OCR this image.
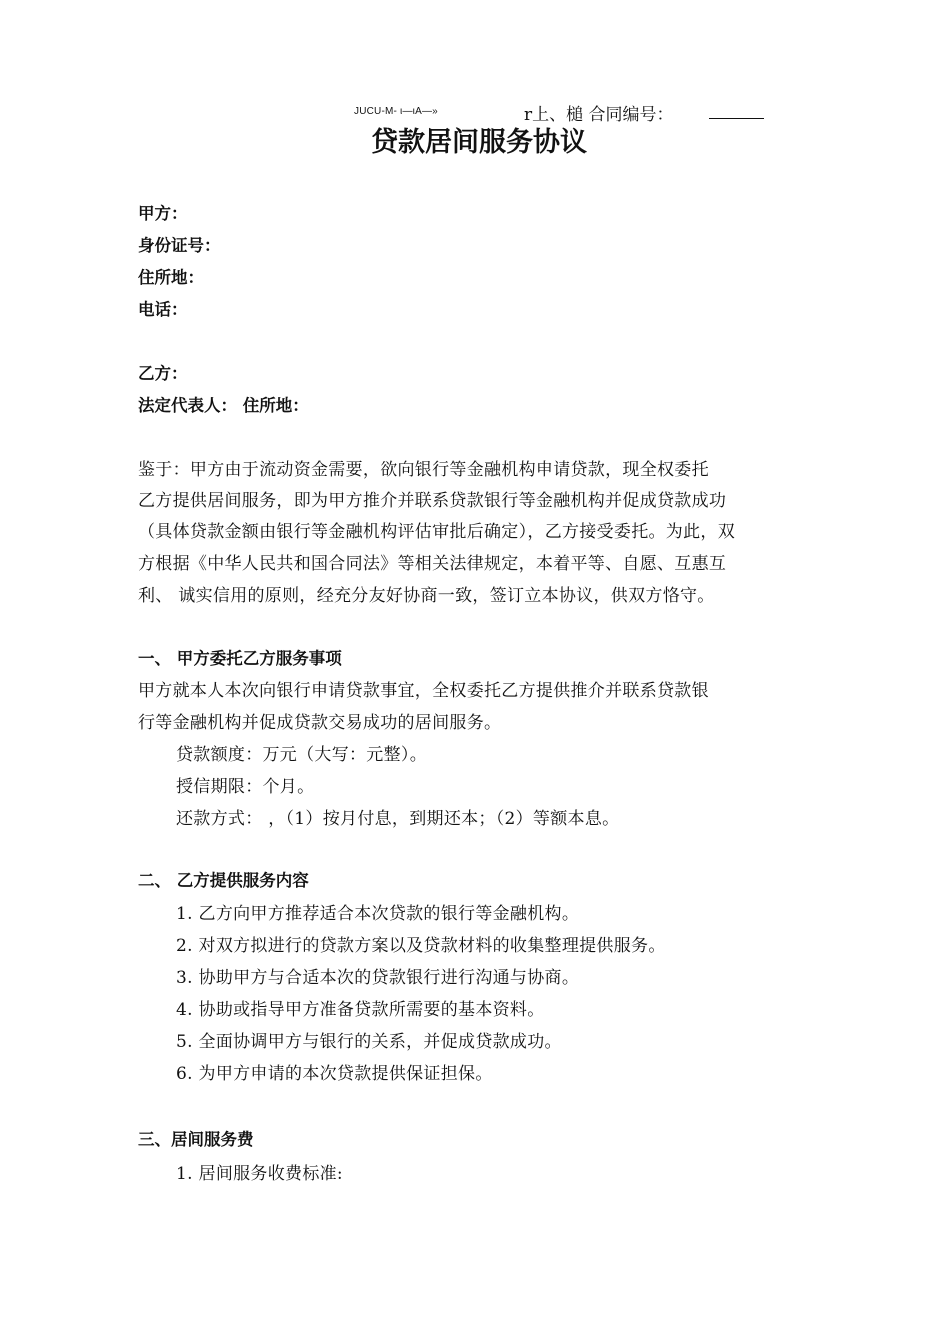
JUCU-M- ι—ιA—»	r上、槌 合同编号：
贷款居间服务协议
甲方：
身份证号：
住所地：
电话：
乙方：
法定代表人： 住所地：
鉴于：甲方由于流动资金需要，欲向银行等金融机构申请贷款，现全权委托
乙方提供居间服务，即为甲方推介并联系贷款银行等金融机构并促成贷款成功
（具体贷款金额由银行等金融机构评估审批后确定），乙方接受委托。为此，双
方根据《中华人民共和国合同法》等相关法律规定，本着平等、自愿、互惠互
利、 诚实信用的原则，经充分友好协商一致，签订立本协议，供双方恪守。
一、 甲方委托乙方服务事项
甲方就本人本次向银行申请贷款事宜，全权委托乙方提供推介并联系贷款银
行等金融机构并促成贷款交易成功的居间服务。
贷款额度：万元（大写：元整）。
授信期限：个月。
还款方式： ，（1）按月付息，到期还本；（2）等额本息。
二、 乙方提供服务内容
1. 乙方向甲方推荐适合本次贷款的银行等金融机构。
2. 对双方拟进行的贷款方案以及贷款材料的收集整理提供服务。
3. 协助甲方与合适本次的贷款银行进行沟通与协商。
4. 协助或指导甲方准备贷款所需要的基本资料。
5. 全面协调甲方与银行的关系，并促成贷款成功。
6. 为甲方申请的本次贷款提供保证担保。
三、居间服务费
1. 居间服务收费标准:
